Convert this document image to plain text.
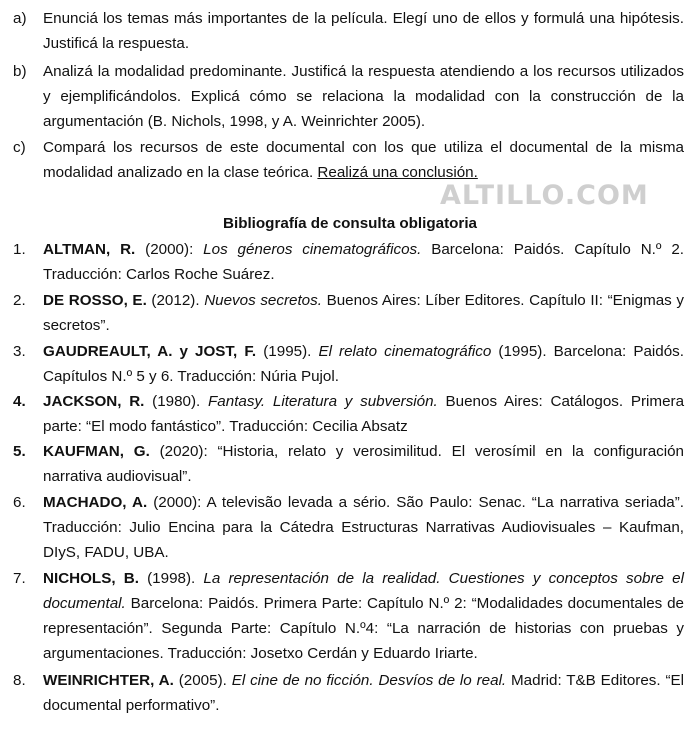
a) Enunciá los temas más importantes de la película. Elegí uno de ellos y formulá una hipótesis. Justificá la respuesta.
b) Analizá la modalidad predominante. Justificá la respuesta atendiendo a los recursos utilizados y ejemplificándolos. Explicá cómo se relaciona la modalidad con la construcción de la argumentación (B. Nichols, 1998, y A. Weinrichter 2005).
c) Compará los recursos de este documental con los que utiliza el documental de la misma modalidad analizado en la clase teórica. Realizá una conclusión.
ALTILLO.COM
Bibliografía de consulta obligatoria
1. ALTMAN, R. (2000): Los géneros cinematográficos. Barcelona: Paidós. Capítulo N.º 2. Traducción: Carlos Roche Suárez.
2. DE ROSSO, E. (2012). Nuevos secretos. Buenos Aires: Líber Editores. Capítulo II: “Enigmas y secretos”.
3. GAUDREAULT, A. y JOST, F. (1995). El relato cinematográfico (1995). Barcelona: Paidós. Capítulos N.º 5 y 6. Traducción: Núria Pujol.
4. JACKSON, R. (1980). Fantasy. Literatura y subversión. Buenos Aires: Catálogos. Primera parte: “El modo fantástico”. Traducción: Cecilia Absatz
5. KAUFMAN, G. (2020): “Historia, relato y verosimilitud. El verosímil en la configuración narrativa audiovisual”.
6. MACHADO, A. (2000): A televisão levada a sério. São Paulo: Senac. “La narrativa seriada”. Traducción: Julio Encina para la Cátedra Estructuras Narrativas Audiovisuales – Kaufman, DIyS, FADU, UBA.
7. NICHOLS, B. (1998). La representación de la realidad. Cuestiones y conceptos sobre el documental. Barcelona: Paidós. Primera Parte: Capítulo N.º 2: “Modalidades documentales de representación”. Segunda Parte: Capítulo N.º4: “La narración de historias con pruebas y argumentaciones. Traducción: Josetxo Cerdán y Eduardo Iriarte.
8. WEINRICHTER, A. (2005). El cine de no ficción. Desvíos de lo real. Madrid: T&B Editores. “El documental performativo”.
